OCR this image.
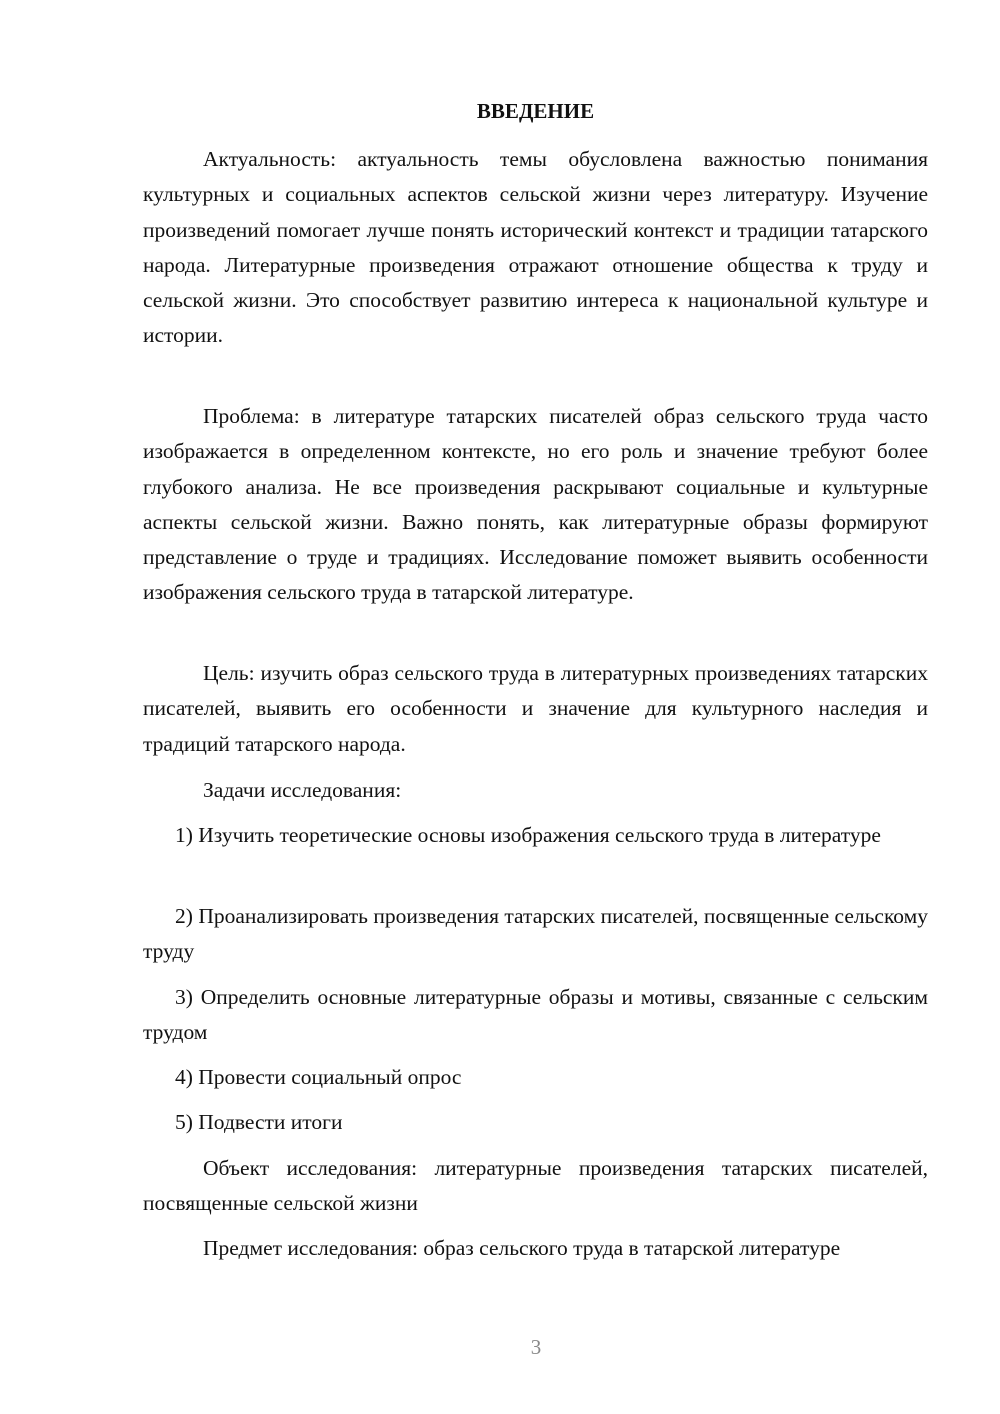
ВВЕДЕНИЕ

Актуальность: актуальность темы обусловлена важностью понимания культурных и социальных аспектов сельской жизни через литературу. Изучение произведений помогает лучше понять исторический контекст и традиции татарского народа. Литературные произведения отражают отношение общества к труду и сельской жизни. Это способствует развитию интереса к национальной культуре и истории.

Проблема: в литературе татарских писателей образ сельского труда часто изображается в определенном контексте, но его роль и значение требуют более глубокого анализа. Не все произведения раскрывают социальные и культурные аспекты сельской жизни. Важно понять, как литературные образы формируют представление о труде и традициях. Исследование поможет выявить особенности изображения сельского труда в татарской литературе.

Цель: изучить образ сельского труда в литературных произведениях татарских писателей, выявить его особенности и значение для культурного наследия и традиций татарского народа.

Задачи исследования:

1) Изучить теоретические основы изображения сельского труда в литературе

2) Проанализировать произведения татарских писателей, посвященные сельскому труду

3) Определить основные литературные образы и мотивы, связанные с сельским трудом

4) Провести социальный опрос

5) Подвести итоги

Объект исследования: литературные произведения татарских писателей, посвященные сельской жизни

Предмет исследования: образ сельского труда в татарской литературе

3
